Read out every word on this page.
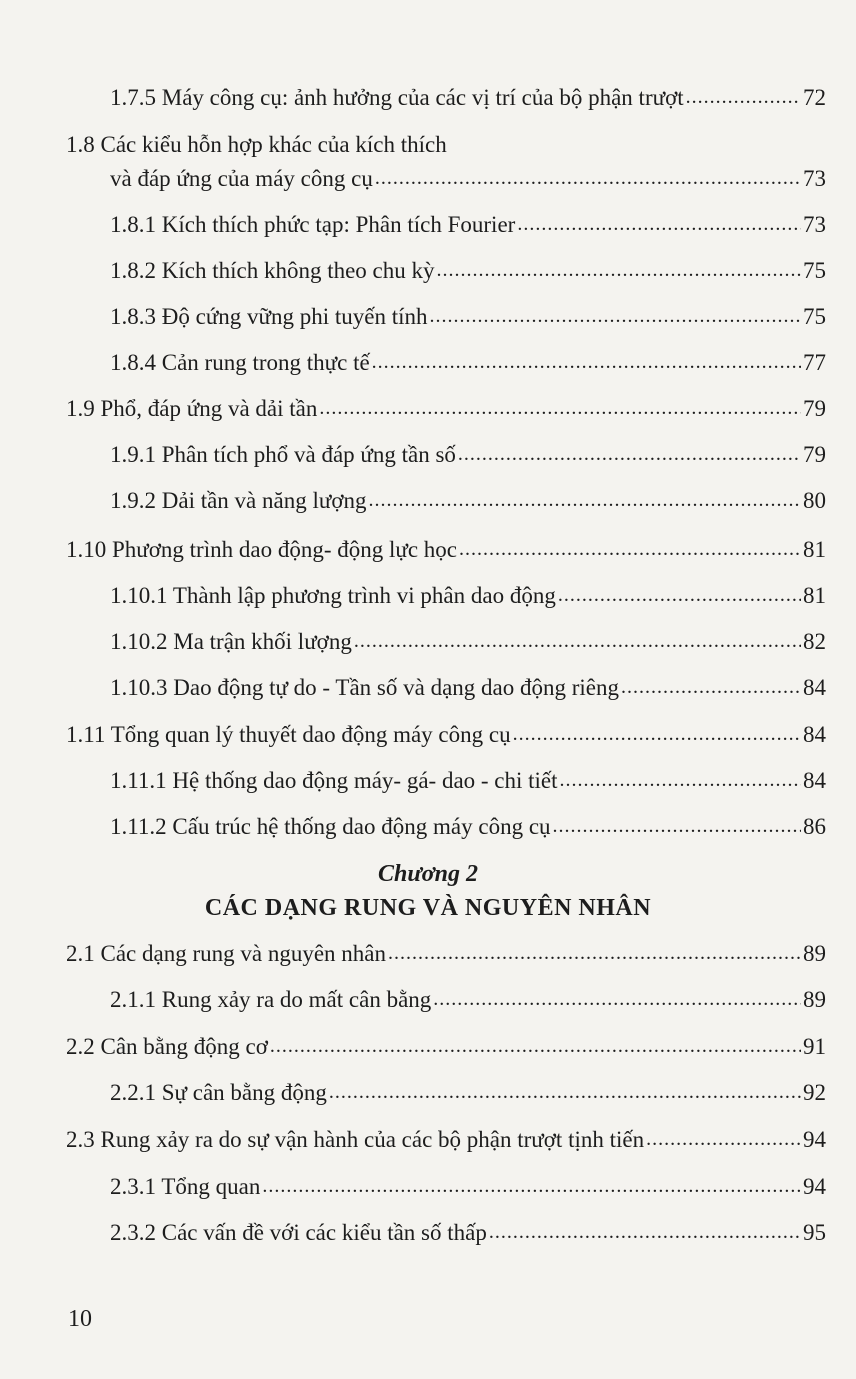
1.7.5 Máy công cụ: ảnh hưởng của các vị trí của bộ phận trượt .....	72
1.8 Các kiểu hỗn hợp khác của kích thích
và đáp ứng của máy công cụ .....	73
1.8.1 Kích thích phức tạp: Phân tích Fourier .....	73
1.8.2 Kích thích không theo chu kỳ .....	75
1.8.3 Độ cứng vững phi tuyến tính .....	75
1.8.4 Cản rung trong thực tế .....	77
1.9 Phổ, đáp ứng và dải tần .....	79
1.9.1 Phân tích phổ và đáp ứng tần số .....	79
1.9.2 Dải tần và năng lượng .....	80
1.10 Phương trình dao động- động lực học .....	81
1.10.1 Thành lập phương trình vi phân dao động .....	81
1.10.2 Ma trận khối lượng .....	82
1.10.3 Dao động tự do - Tần số và dạng dao động riêng .....	84
1.11 Tổng quan lý thuyết dao động máy công cụ .....	84
1.11.1 Hệ thống dao động máy- gá- dao - chi tiết .....	84
1.11.2 Cấu trúc hệ thống dao động máy công cụ .....	86
Chương 2
CÁC DẠNG RUNG VÀ NGUYÊN NHÂN
2.1 Các dạng rung và nguyên nhân .....	89
2.1.1 Rung xảy ra do mất cân bằng .....	89
2.2 Cân bằng động cơ .....	91
2.2.1 Sự cân bằng động .....	92
2.3 Rung xảy ra do sự vận hành của các bộ phận trượt tịnh tiến .....	94
2.3.1 Tổng quan .....	94
2.3.2 Các vấn đề với các kiểu tần số thấp .....	95
10
